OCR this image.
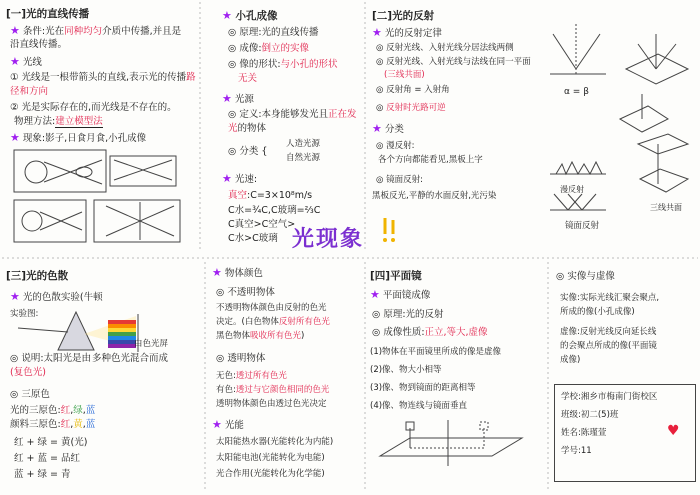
[一]光的直线传播
★ 条件:光在同种均匀介质中传播,并且是
沿直线传播。
★ 光线
① 光线是一根带箭头的直线,表示光的传播路
径和方向
② 光是实际存在的,而光线是不存在的。
物理方法:建立模型法
★ 现象:影子,日食月食,小孔成像
★ 小孔成像
◎ 原理:光的直线传播
◎ 成像:倒立的实像
◎ 像的形状:与小孔的形状
无关
★ 光源
◎ 定义:本身能够发光且正在发
光的物体
◎ 分类 {
人造光源
自然光源
★ 光速:
真空:C=3×10⁸m/s
C水=¾C,C玻璃=⅔C
C真空>C空气>
C水>C玻璃 光现象
[二]光的反射
★ 光的反射定律
◎ 反射光线、入射光线分居法线两侧
◎ 反射光线、入射光线与法线在同一平面
(三线共面)
◎ 反射角 = 入射角
◎ 反射时光路可逆
★ 分类
◎ 漫反射:
各个方向都能看见,黑板上字
◎ 镜面反射:
黑板反光,平静的水面反射,光污染
α = β
漫反射
三线共面
镜面反射
[三]光的色散
★ 光的色散实验(牛顿
实验图:
白色光屏
◎ 说明:太阳光是由 多种色光混合而成
(复色光)
◎ 三原色
光的三原色:红,绿,蓝
颜料三原色:红,黄,蓝
红 + 绿 = 黄(光)
红 + 蓝 = 品红
蓝 + 绿 = 青
★ 物体颜色
◎ 不透明物体
不透明物体颜色由反射的色光
决定。(白色物体反射所有色光
黑色物体吸收所有色光)
◎ 透明物体
无色:透过所有色光
有色:透过与它颜色相同的色光
透明物体颜色由透过色光决定
★ 光能
太阳能热水器(光能转化为内能)
太阳能电池(光能转化为电能)
光合作用(光能转化为化学能)
[四]平面镜
★ 平面镜成像
◎ 原理:光的反射
◎ 成像性质:正立,等大,虚像
(1)物体在平面镜里所成的像是虚像
(2)像、物大小相等
(3)像、物到镜面的距离相等
(4)像、物连线与镜面垂直
◎ 实像与虚像
实像:实际光线汇聚会聚点,
所成的像(小孔成像)
虚像:反射光线反向延长线
的会聚点所成的像(平面镜
成像)
学校:湘乡市梅南门街校区
班级:初二(5)班
姓名:陈瑾萱
学号:11
♥
